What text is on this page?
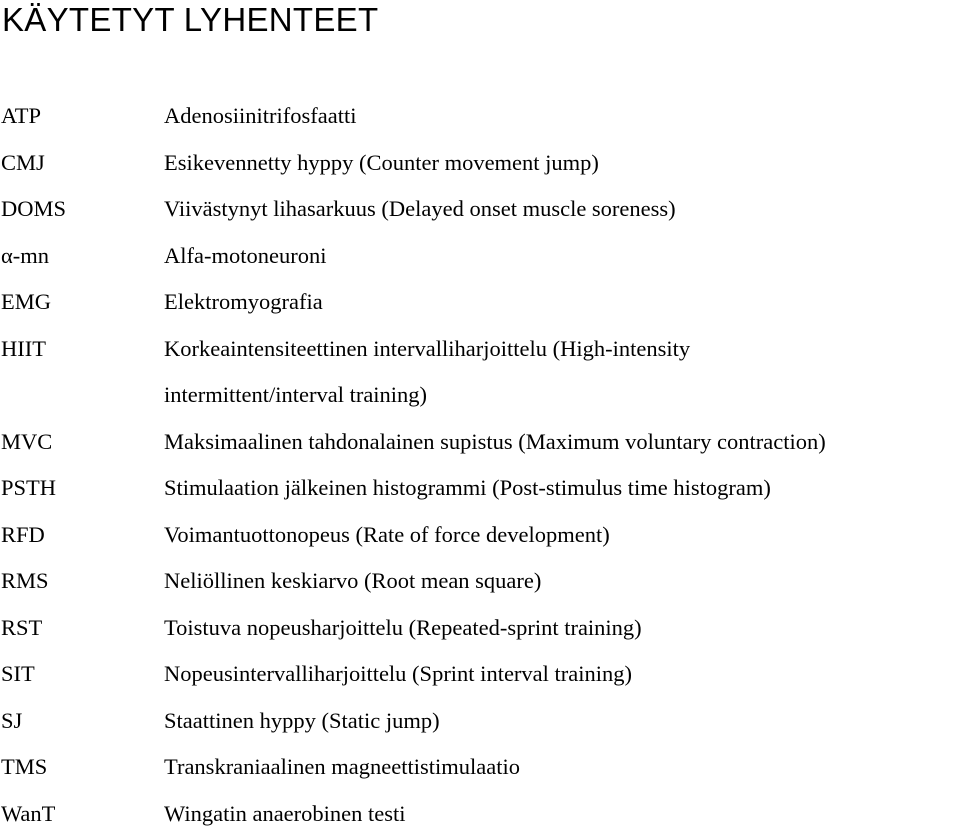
KÄYTETYT LYHENTEET
ATP	Adenosiinitrifosfaatti
CMJ	Esikevennetty hyppy (Counter movement jump)
DOMS	Viivästynyt lihasarkuus (Delayed onset muscle soreness)
α-mn	Alfa-motoneuroni
EMG	Elektromyografia
HIIT	Korkeaintensiteettinen intervalliharjoittelu (High-intensity
intermittent/interval training)
MVC	Maksimaalinen tahdonalainen supistus (Maximum voluntary contraction)
PSTH	Stimulaation jälkeinen histogrammi (Post-stimulus time histogram)
RFD	Voimantuottonopeus (Rate of force development)
RMS	Neliöllinen keskiarvo (Root mean square)
RST	Toistuva nopeusharjoittelu (Repeated-sprint training)
SIT	Nopeusintervalliharjoittelu (Sprint interval training)
SJ	Staattinen hyppy (Static jump)
TMS	Transkraniaalinen magneettistimulaatio
WanT	Wingatin anaerobinen testi
